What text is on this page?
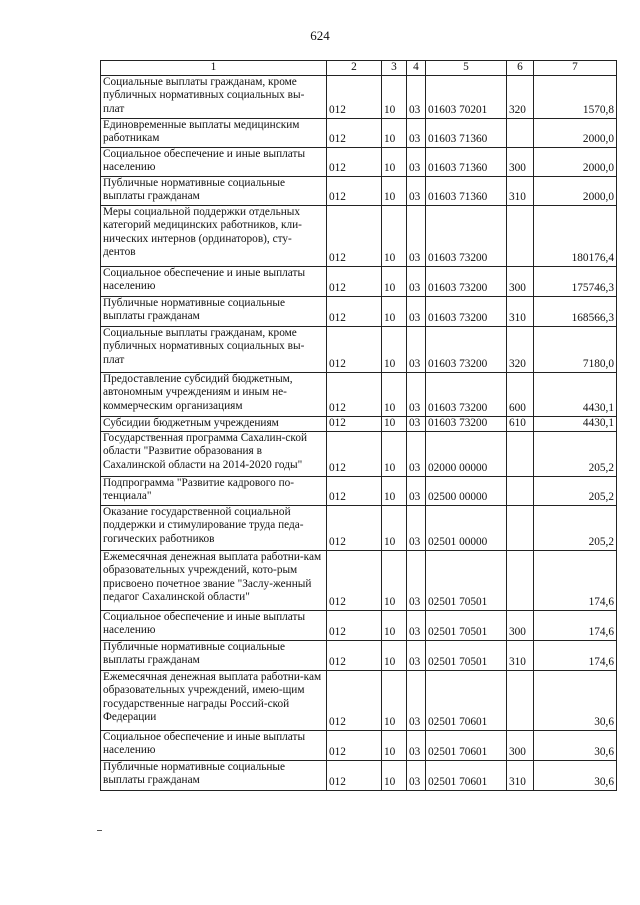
624
1	2	3	4	5	6	7
Социальные выплаты гражданам, кроме публичных нормативных социальных вы-плат	012	10	03	01603 70201	320	1570,8
Единовременные выплаты медицинским работникам	012	10	03	01603 71360		2000,0
Социальное обеспечение и иные выплаты населению	012	10	03	01603 71360	300	2000,0
Публичные нормативные социальные выплаты гражданам	012	10	03	01603 71360	310	2000,0
Меры социальной поддержки отдельных категорий медицинских работников, кли-нических интернов (ординаторов), сту-дентов	012	10	03	01603 73200		180176,4
Социальное обеспечение и иные выплаты населению	012	10	03	01603 73200	300	175746,3
Публичные нормативные социальные выплаты гражданам	012	10	03	01603 73200	310	168566,3
Социальные выплаты гражданам, кроме публичных нормативных социальных вы-плат	012	10	03	01603 73200	320	7180,0
Предоставление субсидий бюджетным, автономным учреждениям и иным не-коммерческим организациям	012	10	03	01603 73200	600	4430,1
Субсидии бюджетным учреждениям	012	10	03	01603 73200	610	4430,1
Государственная программа Сахалин-ской области "Развитие образования в Сахалинской области на 2014-2020 годы"	012	10	03	02000 00000		205,2
Подпрограмма "Развитие кадрового по-тенциала"	012	10	03	02500 00000		205,2
Оказание государственной социальной поддержки и стимулирование труда педа-гогических работников	012	10	03	02501 00000		205,2
Ежемесячная денежная выплата работни-кам образовательных учреждений, кото-рым присвоено почетное звание "Заслу-женный педагог Сахалинской области"	012	10	03	02501 70501		174,6
Социальное обеспечение и иные выплаты населению	012	10	03	02501 70501	300	174,6
Публичные нормативные социальные выплаты гражданам	012	10	03	02501 70501	310	174,6
Ежемесячная денежная выплата работни-кам образовательных учреждений, имею-щим государственные награды Россий-ской Федерации	012	10	03	02501 70601		30,6
Социальное обеспечение и иные выплаты населению	012	10	03	02501 70601	300	30,6
Публичные нормативные социальные выплаты гражданам	012	10	03	02501 70601	310	30,6
